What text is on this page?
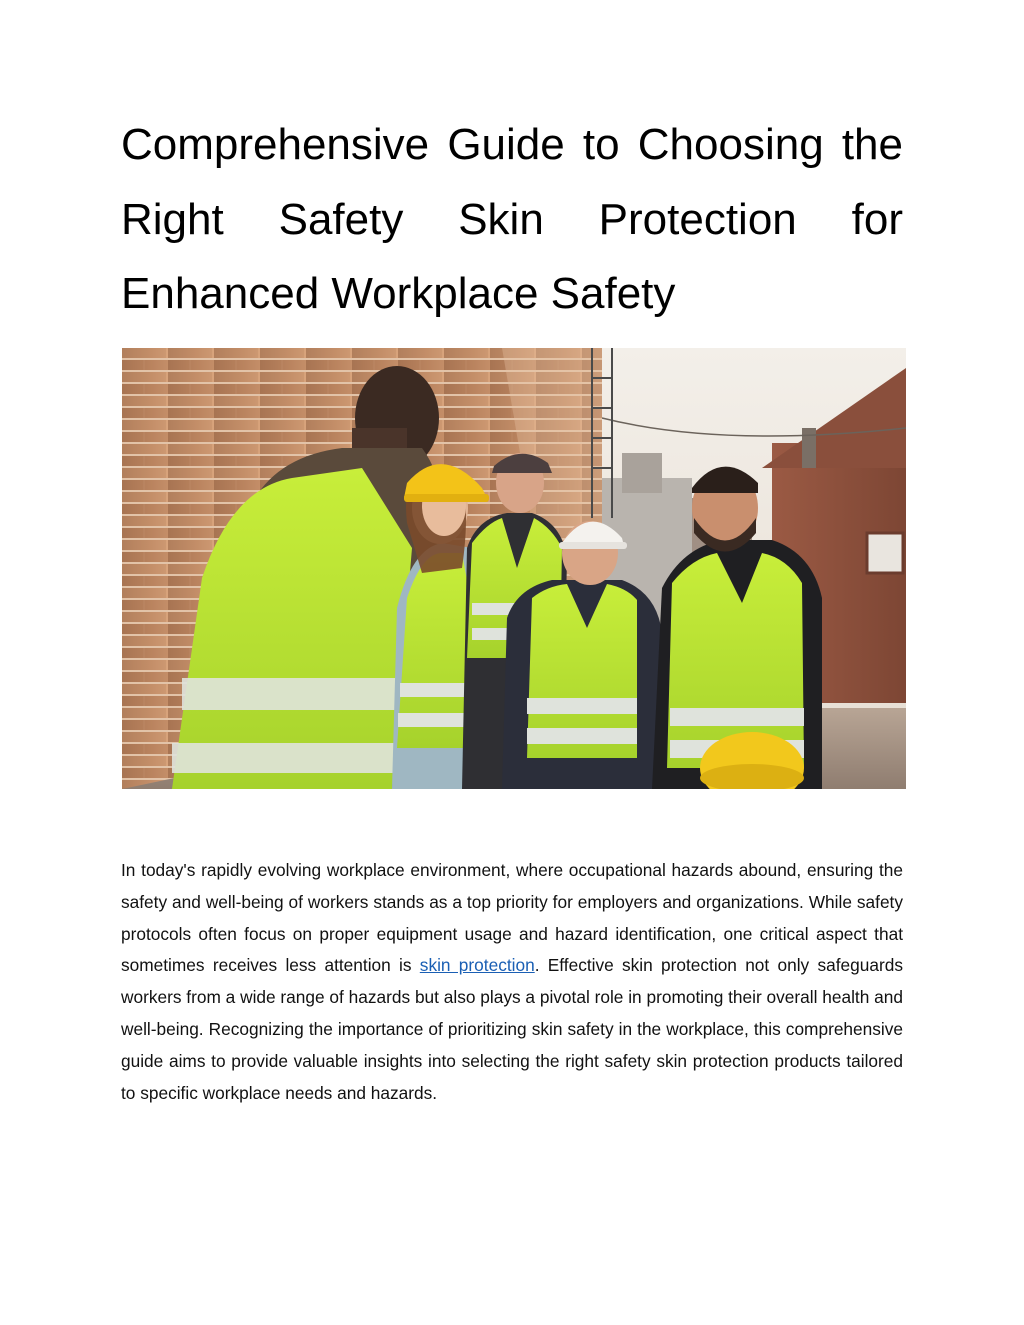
Comprehensive Guide to Choosing the Right Safety Skin Protection for Enhanced Workplace Safety

In today's rapidly evolving workplace environment, where occupational hazards abound, ensuring the safety and well-being of workers stands as a top priority for employers and organizations. While safety protocols often focus on proper equipment usage and hazard identification, one critical aspect that sometimes receives less attention is skin protection. Effective skin protection not only safeguards workers from a wide range of hazards but also plays a pivotal role in promoting their overall health and well-being. Recognizing the importance of prioritizing skin safety in the workplace, this comprehensive guide aims to provide valuable insights into selecting the right safety skin protection products tailored to specific workplace needs and hazards.
